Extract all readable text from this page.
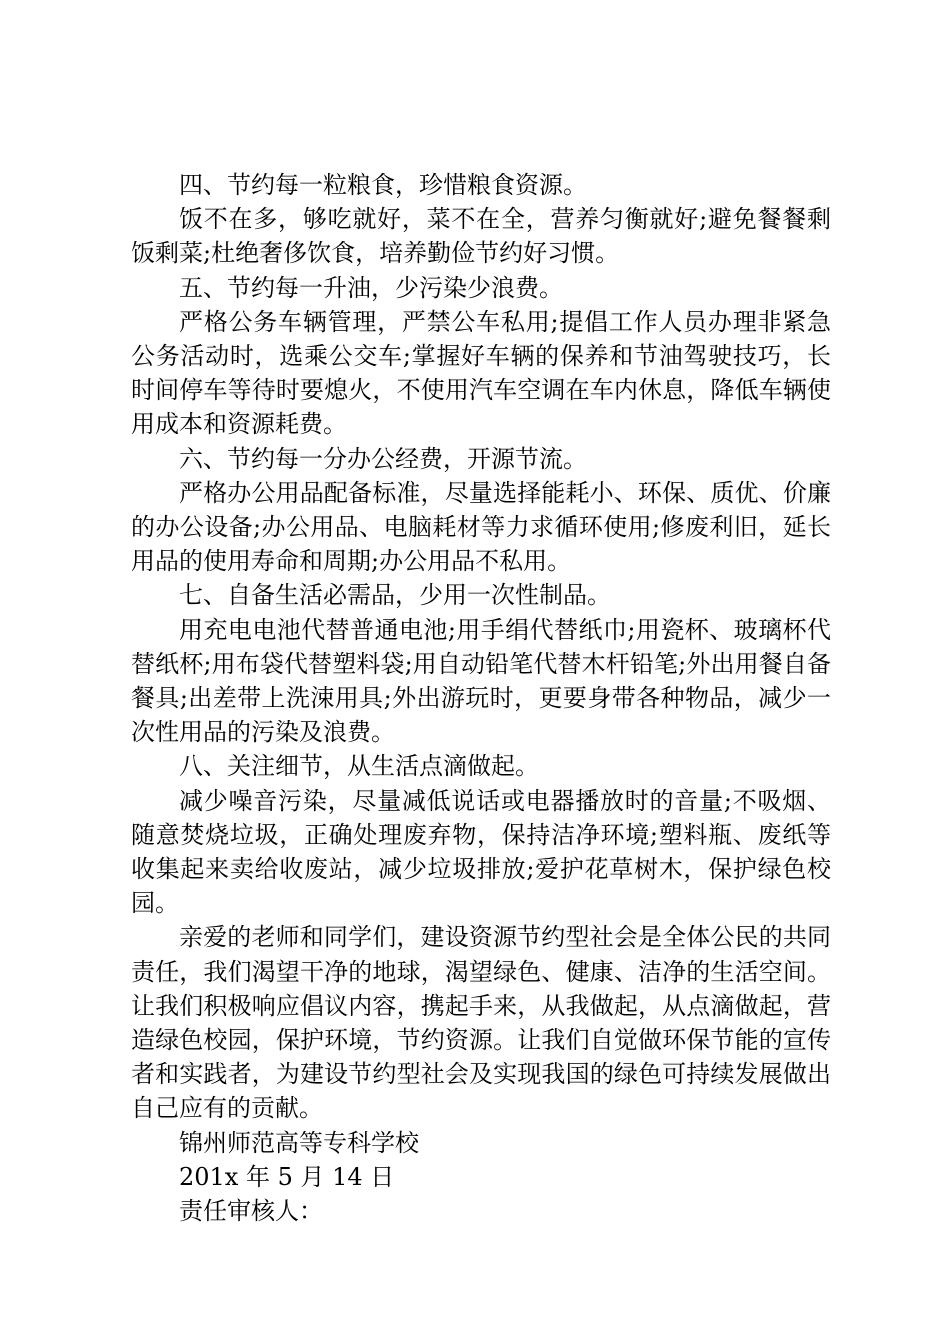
四、节约每一粒粮食，珍惜粮食资源。

饭不在多，够吃就好，菜不在全，营养匀衡就好;避免餐餐剩饭剩菜;杜绝奢侈饮食，培养勤俭节约好习惯。

五、节约每一升油，少污染少浪费。

严格公务车辆管理，严禁公车私用;提倡工作人员办理非紧急公务活动时，选乘公交车;掌握好车辆的保养和节油驾驶技巧，长时间停车等待时要熄火，不使用汽车空调在车内休息，降低车辆使用成本和资源耗费。

六、节约每一分办公经费，开源节流。

严格办公用品配备标准，尽量选择能耗小、环保、质优、价廉的办公设备;办公用品、电脑耗材等力求循环使用;修废利旧，延长用品的使用寿命和周期;办公用品不私用。

七、自备生活必需品，少用一次性制品。

用充电电池代替普通电池;用手绢代替纸巾;用瓷杯、玻璃杯代替纸杯;用布袋代替塑料袋;用自动铅笔代替木杆铅笔;外出用餐自备餐具;出差带上洗涑用具;外出游玩时，更要身带各种物品，减少一次性用品的污染及浪费。

八、关注细节，从生活点滴做起。

减少噪音污染，尽量减低说话或电器播放时的音量;不吸烟、随意焚烧垃圾，正确处理废弃物，保持洁净环境;塑料瓶、废纸等收集起来卖给收废站，减少垃圾排放;爱护花草树木，保护绿色校园。

亲爱的老师和同学们，建设资源节约型社会是全体公民的共同责任，我们渴望干净的地球，渴望绿色、健康、洁净的生活空间。让我们积极响应倡议内容，携起手来，从我做起，从点滴做起，营造绿色校园，保护环境，节约资源。让我们自觉做环保节能的宣传者和实践者，为建设节约型社会及实现我国的绿色可持续发展做出自己应有的贡献。

锦州师范高等专科学校

201x 年 5 月 14 日

责任审核人：
